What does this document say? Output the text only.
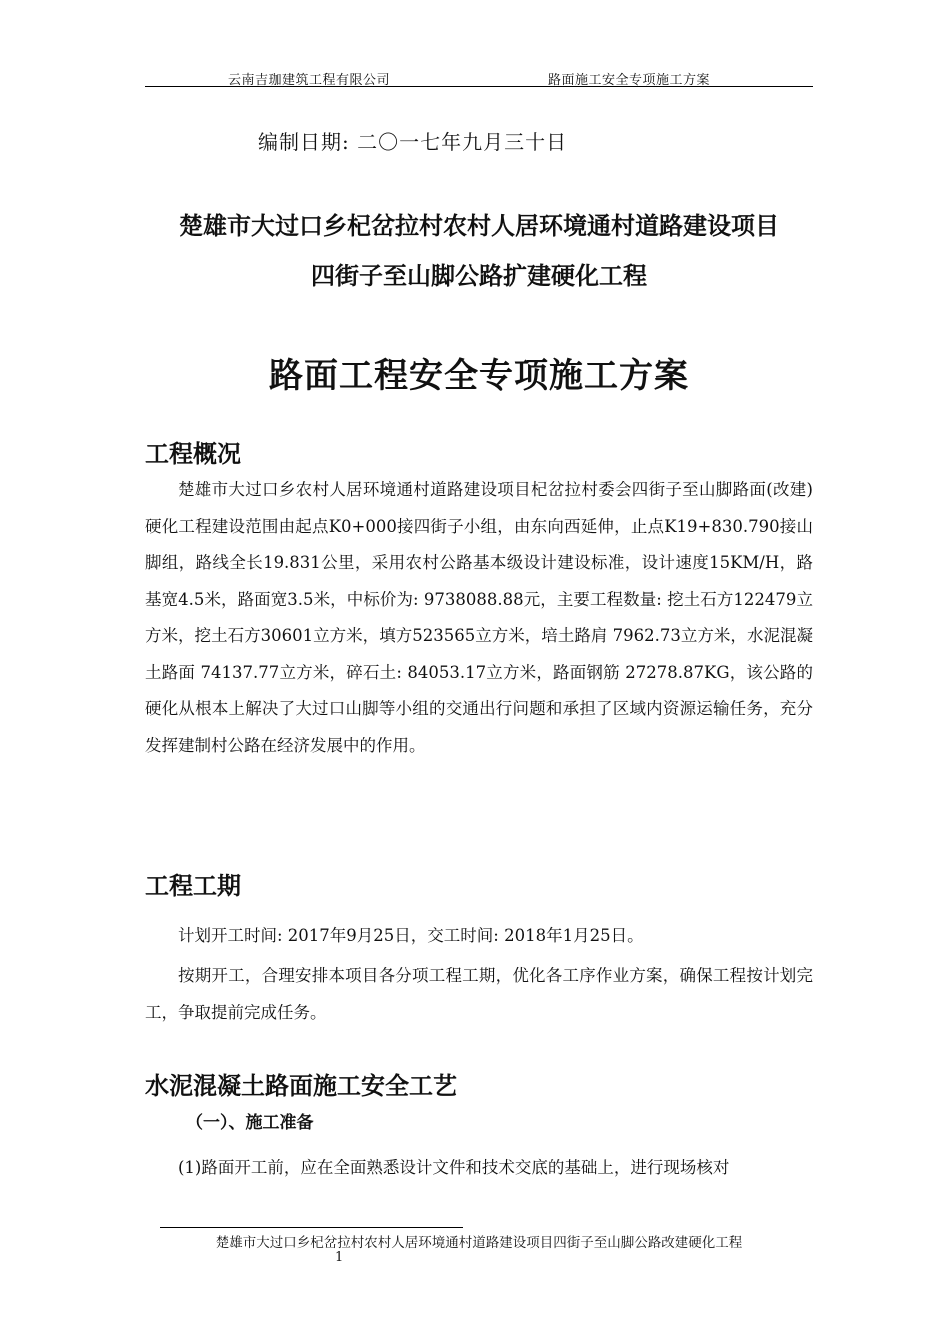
云南吉珈建筑工程有限公司	路面施工安全专项施工方案
编制日期: 二〇一七年九月三十日
楚雄市大过口乡杞岔拉村农村人居环境通村道路建设项目
四街子至山脚公路扩建硬化工程
路面工程安全专项施工方案
工程概况
楚雄市大过口乡农村人居环境通村道路建设项目杞岔拉村委会四街子至山脚路面(改建)硬化工程建设范围由起点K0+000接四街子小组，由东向西延伸，止点K19+830.790接山脚组，路线全长19.831公里，采用农村公路基本级设计建设标准，设计速度15KM/H，路基宽4.5米，路面宽3.5米，中标价为: 9738088.88元，主要工程数量: 挖土石方122479立方米，挖土石方30601立方米，填方523565立方米，培土路肩 7962.73立方米，水泥混凝土路面 74137.77立方米，碎石土: 84053.17立方米，路面钢筋 27278.87KG，该公路的硬化从根本上解决了大过口山脚等小组的交通出行问题和承担了区域内资源运输任务，充分发挥建制村公路在经济发展中的作用。
工程工期
计划开工时间: 2017年9月25日，交工时间: 2018年1月25日。
按期开工，合理安排本项目各分项工程工期，优化各工序作业方案，确保工程按计划完工，争取提前完成任务。
水泥混凝土路面施工安全工艺
（一）、施工准备
(1)路面开工前，应在全面熟悉设计文件和技术交底的基础上，进行现场核对
楚雄市大过口乡杞岔拉村农村人居环境通村道路建设项目四街子至山脚公路改建硬化工程
1
